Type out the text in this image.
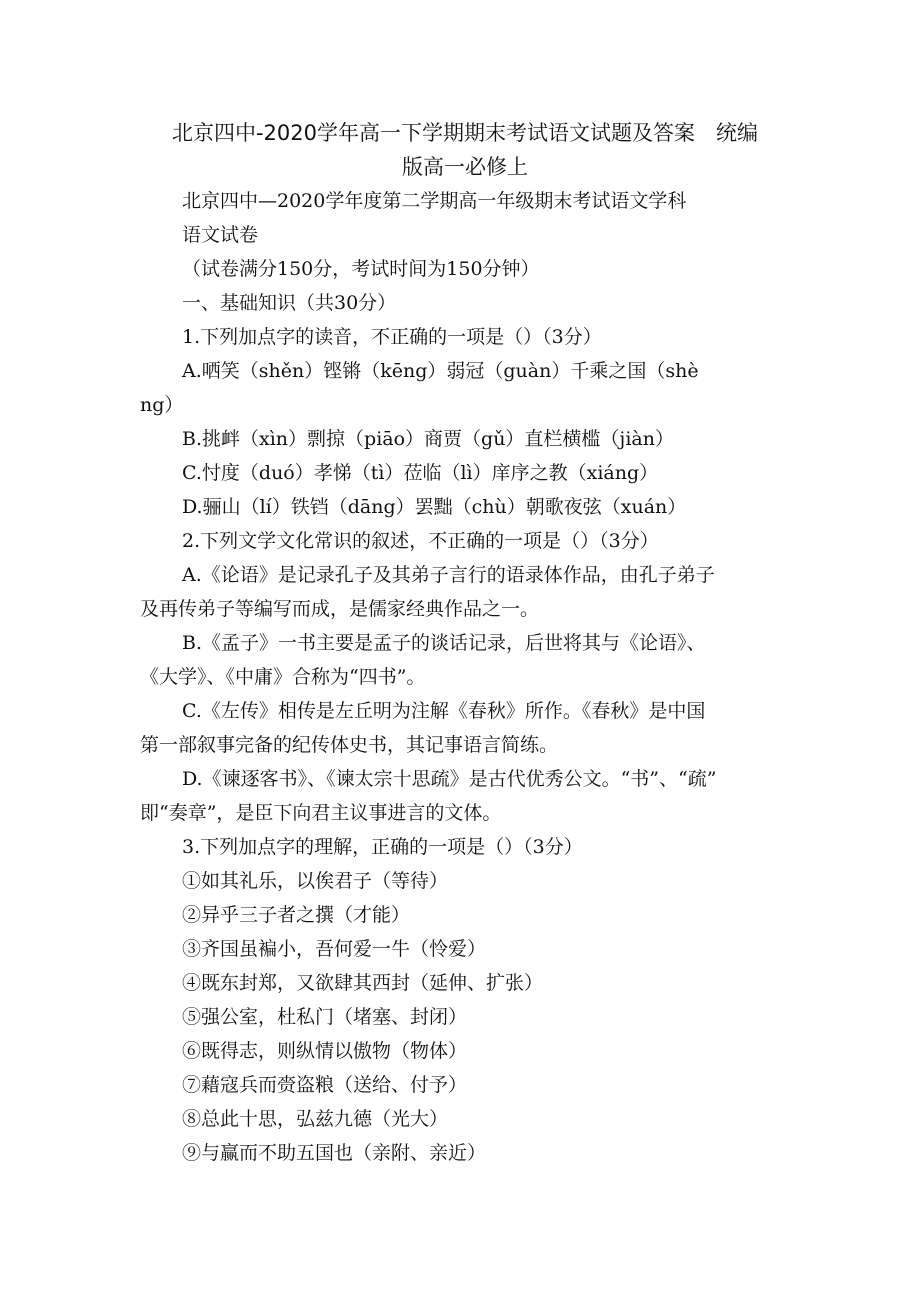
北京四中-2020学年高一下学期期末考试语文试题及答案　统编
版高一必修上
北京四中—2020学年度第二学期高一年级期末考试语文学科
语文试卷
（试卷满分150分，考试时间为150分钟）
一、基础知识（共30分）
1.下列加点字的读音，不正确的一项是（）（3分）
A.哂笑（shěn）铿锵（kēng）弱冠（guàn）千乘之国（shè
ng）
B.挑衅（xìn）剽掠（piāo）商贾（gǔ）直栏横槛（jiàn）
C.忖度（duó）孝悌（tì）莅临（lì）庠序之教（xiáng）
D.骊山（lí）铁铛（dāng）罢黜（chù）朝歌夜弦（xuán）
2.下列文学文化常识的叙述，不正确的一项是（）（3分）
A.《论语》是记录孔子及其弟子言行的语录体作品，由孔子弟子
及再传弟子等编写而成，是儒家经典作品之一。
B.《孟子》一书主要是孟子的谈话记录，后世将其与《论语》、
《大学》、《中庸》合称为“四书”。
C.《左传》相传是左丘明为注解《春秋》所作。《春秋》是中国
第一部叙事完备的纪传体史书，其记事语言简练。
D.《谏逐客书》、《谏太宗十思疏》是古代优秀公文。“书”、“疏”
即“奏章”，是臣下向君主议事进言的文体。
3.下列加点字的理解，正确的一项是（）（3分）
①如其礼乐，以俟君子（等待）
②异乎三子者之撰（才能）
③齐国虽褊小，吾何爱一牛（怜爱）
④既东封郑，又欲肆其西封（延伸、扩张）
⑤强公室，杜私门（堵塞、封闭）
⑥既得志，则纵情以傲物（物体）
⑦藉寇兵而赍盗粮（送给、付予）
⑧总此十思，弘兹九德（光大）
⑨与赢而不助五国也（亲附、亲近）
